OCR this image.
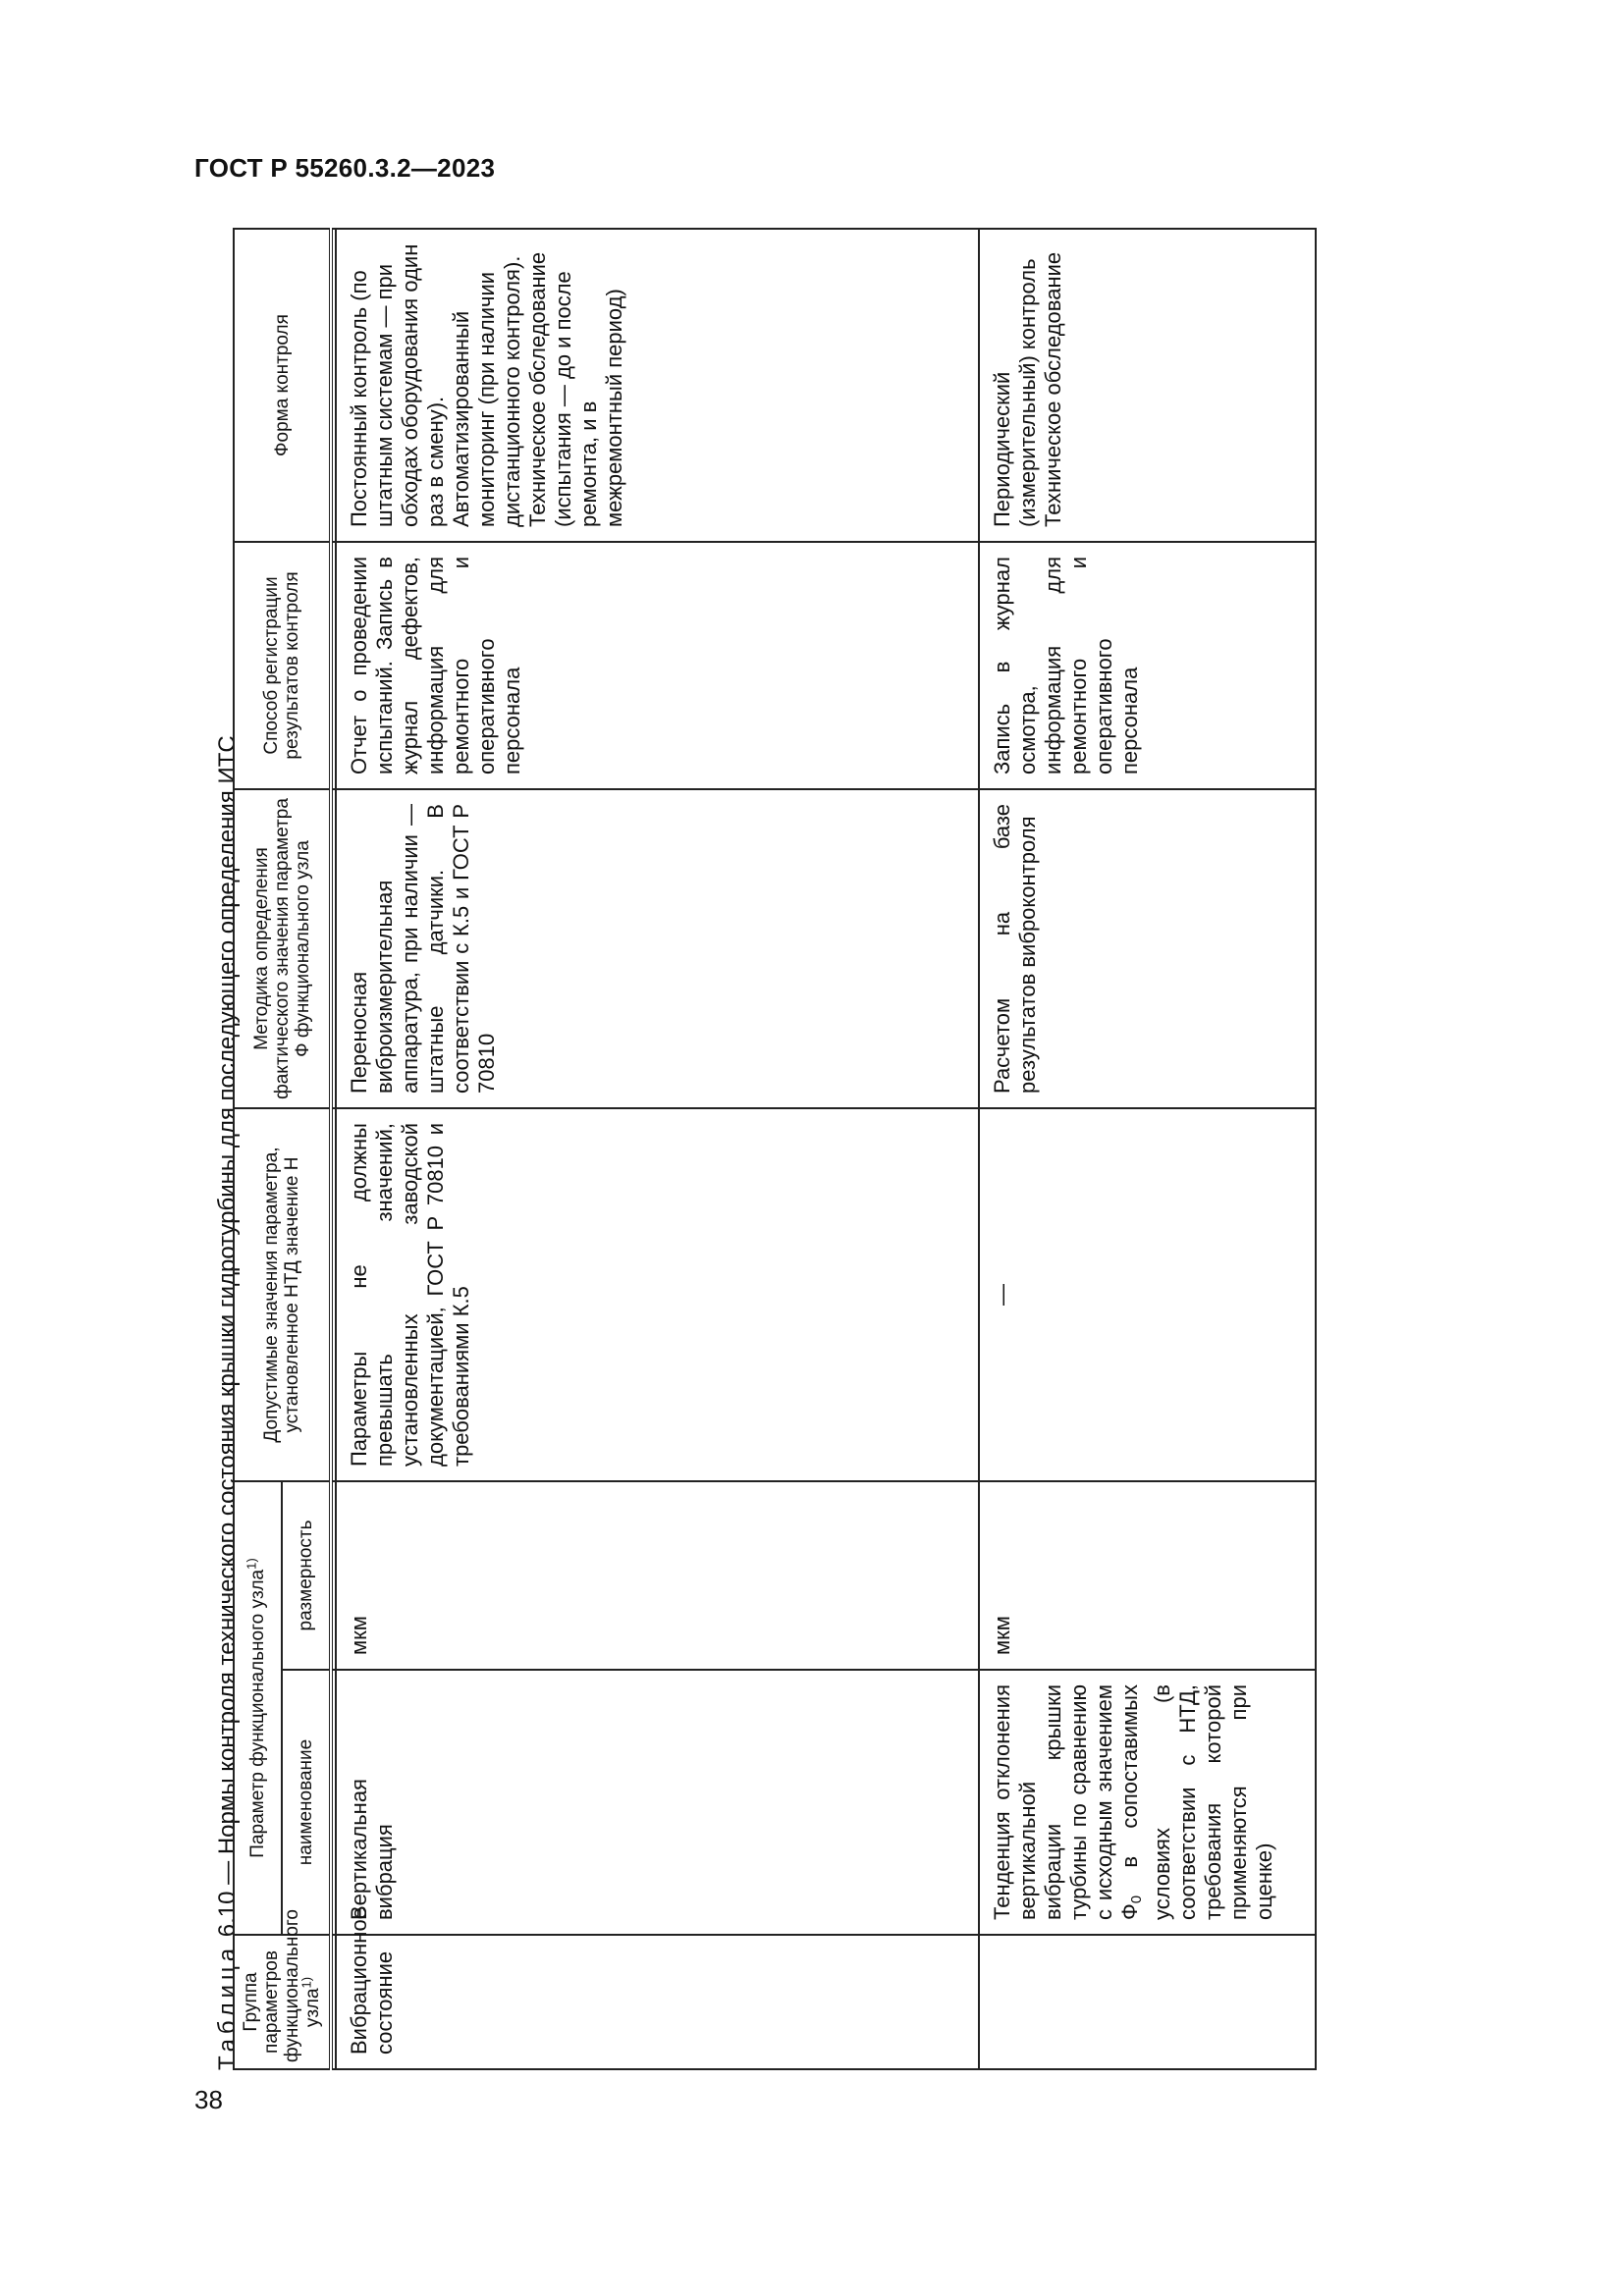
ГОСТ Р 55260.3.2—2023
Таблица 6.10 — Нормы контроля технического состояния крышки гидротурбины для последующего определения ИТС
Группа параметров функционального узла$^{1)}$	Параметр функционального узла$^{1)}$		Допустимые значения параметра, установленное НТД значение Н	Методика определения фактического значения параметра Ф функционального узла	Способ регистрации результатов контроля	Форма контроля
	наименование	размерность				

Вибрационное состояние	Вертикальная вибрация	мкм	Параметры не должны превышать значений, установленных заводской документацией, ГОСТ Р 70810 и требованиями К.5	Переносная виброизмерительная аппаратура, при наличии — штатные датчики. В соответствии с К.5 и ГОСТ Р 70810	Отчет о проведении испытаний. Запись в журнал дефектов, информация для ремонтного и оперативного персонала	Постоянный контроль (по штатным системам — при обходах оборудования один раз в смену). Автоматизированный мониторинг (при наличии дистанционного контроля). Техническое обследование (испытания — до и после ремонта, и в межремонтный период)
	Тенденция отклонения вертикальной вибрации крышки турбины по сравнению с исходным значением $Ф_0$ в сопоставимых условиях (в соответствии с НТД, требования которой применяются при оценке)	мкм	—	Расчетом на базе результатов виброконтроля	Запись в журнал осмотра, информация для ремонтного и оперативного персонала	Периодический (измерительный) контроль Техническое обследование
38
